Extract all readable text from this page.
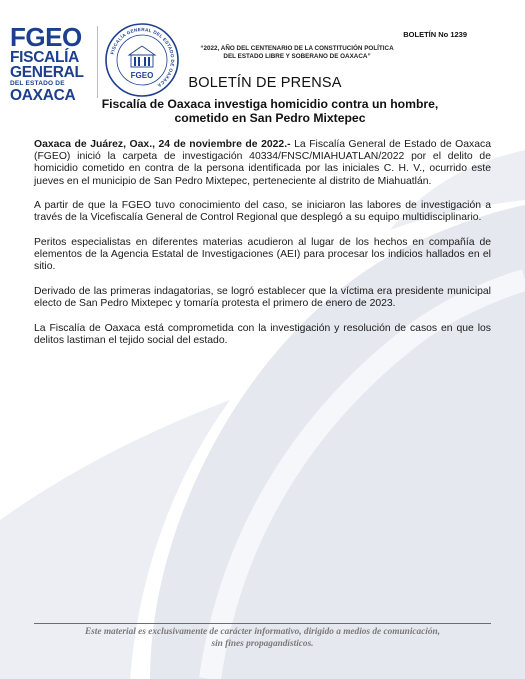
FGEO
FISCALÍA
GENERAL
DEL ESTADO DE
OAXACA
FISCALÍA GENERAL DEL ESTADO DE OAXACA
FGEO
BOLETÍN No 1239
“2022, AÑO DEL CENTENARIO DE LA CONSTITUCIÓN POLÍTICA
DEL ESTADO LIBRE Y SOBERANO DE OAXACA”
BOLETÍN DE PRENSA
Fiscalía de Oaxaca investiga homicidio contra un hombre,
cometido en San Pedro Mixtepec

Oaxaca de Juárez, Oax., 24 de noviembre de 2022.- La Fiscalía General de Estado de Oaxaca (FGEO) inició la carpeta de investigación 40334/FNSC/MIAHUATLAN/2022 por el delito de homicidio cometido en contra de la persona identificada por las iniciales C. H. V., ocurrido este jueves en el municipio de San Pedro Mixtepec, perteneciente al distrito de Miahuatlán.

A partir de que la FGEO tuvo conocimiento del caso, se iniciaron las labores de investigación a través de la Vicefiscalía General de Control Regional que desplegó a su equipo multidisciplinario.

Peritos especialistas en diferentes materias acudieron al lugar de los hechos en compañía de elementos de la Agencia Estatal de Investigaciones (AEI) para procesar los indicios hallados en el sitio.

Derivado de las primeras indagatorias, se logró establecer que la víctima era presidente municipal electo de San Pedro Mixtepec y tomaría protesta el primero de enero de 2023.

La Fiscalía de Oaxaca está comprometida con la investigación y resolución de casos en que los delitos lastiman el tejido social del estado.

Este material es exclusivamente de carácter informativo, dirigido a medios de comunicación,
sin fines propagandísticos.
